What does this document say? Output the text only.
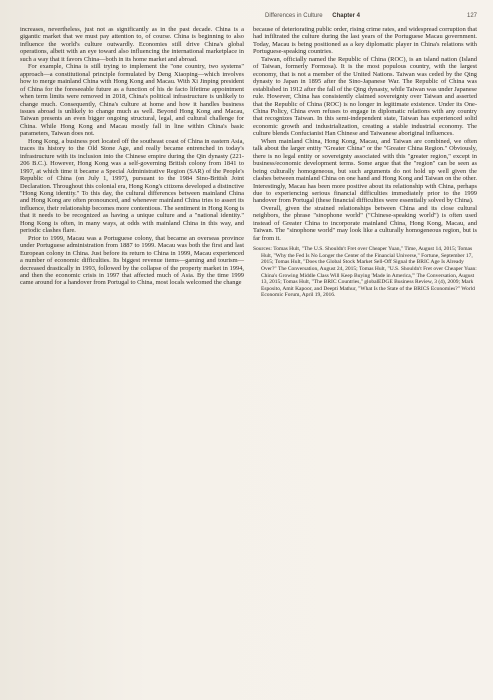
Differences in Culture Chapter 4	127

increases, nevertheless, just not as significantly as in the past decade. China is a gigantic market that we must pay attention to, of course. China is beginning to also influence the world's culture outwardly. Economies still drive China's global operations, albeit with an eye toward also influencing the international marketplace in such a way that it favors China—both in its home market and abroad.

For example, China is still trying to implement the "one country, two systems" approach—a constitutional principle formulated by Deng Xiaoping—which involves how to merge mainland China with Hong Kong and Macau. With Xi Jinping president of China for the foreseeable future as a function of his de facto lifetime appointment when term limits were removed in 2018, China's political infrastructure is unlikely to change much. Consequently, China's culture at home and how it handles business issues abroad is unlikely to change much as well. Beyond Hong Kong and Macau, Taiwan presents an even bigger ongoing structural, legal, and cultural challenge for China. While Hong Kong and Macau mostly fall in line within China's basic parameters, Taiwan does not.

Hong Kong, a business port located off the southeast coast of China in eastern Asia, traces its history to the Old Stone Age, and really became entrenched in today's infrastructure with its inclusion into the Chinese empire during the Qin dynasty (221-206 B.C.). However, Hong Kong was a self-governing British colony from 1841 to 1997, at which time it became a Special Administrative Region (SAR) of the People's Republic of China (on July 1, 1997), pursuant to the 1984 Sino-British Joint Declaration. Throughout this colonial era, Hong Kong's citizens developed a distinctive "Hong Kong identity." To this day, the cultural differences between mainland China and Hong Kong are often pronounced, and whenever mainland China tries to assert its influence, their relationship becomes more contentious. The sentiment in Hong Kong is that it needs to be recognized as having a unique culture and a "national identity." Hong Kong is often, in many ways, at odds with mainland China in this way, and periodic clashes flare.

Prior to 1999, Macau was a Portuguese colony, that became an overseas province under Portuguese administration from 1887 to 1999. Macau was both the first and last European colony in China. Just before its return to China in 1999, Macau experienced a number of economic difficulties. Its biggest revenue items—gaming and tourism—decreased drastically in 1993, followed by the collapse of the property market in 1994, and then the economic crisis in 1997 that affected much of Asia. By the time 1999 came around for a handover from Portugal to China, most locals welcomed the change

because of deteriorating public order, rising crime rates, and widespread corruption that had infiltrated the culture during the last years of the Portuguese Macau government. Today, Macau is being positioned as a key diplomatic player in China's relations with Portuguese-speaking countries.

Taiwan, officially named the Republic of China (ROC), is an island nation (Island of Taiwan, formerly Formosa). It is the most populous country, with the largest economy, that is not a member of the United Nations. Taiwan was ceded by the Qing dynasty to Japan in 1895 after the Sino-Japanese War. The Republic of China was established in 1912 after the fall of the Qing dynasty, while Taiwan was under Japanese rule. However, China has consistently claimed sovereignty over Taiwan and asserted that the Republic of China (ROC) is no longer in legitimate existence. Under its One-China Policy, China even refuses to engage in diplomatic relations with any country that recognizes Taiwan. In this semi-independent state, Taiwan has experienced solid economic growth and industrialization, creating a stable industrial economy. The culture blends Confucianist Han Chinese and Taiwanese aboriginal influences.

When mainland China, Hong Kong, Macau, and Taiwan are combined, we often talk about the larger entity "Greater China" or the "Greater China Region." Obviously, there is no legal entity or sovereignty associated with this "greater region," except in business/economic development terms. Some argue that the "region" can be seen as being culturally homogeneous, but such arguments do not hold up well given the clashes between mainland China on one hand and Hong Kong and Taiwan on the other. Interestingly, Macau has been more positive about its relationship with China, perhaps due to experiencing serious financial difficulties immediately prior to the 1999 handover from Portugal (these financial difficulties were essentially solved by China).

Overall, given the strained relationships between China and its close cultural neighbors, the phrase "sinophone world" ("Chinese-speaking world") is often used instead of Greater China to incorporate mainland China, Hong Kong, Macau, and Taiwan. The "sinophone world" may look like a culturally homogeneous region, but is far from it.

Sources: Tomas Hult, "The U.S. Shouldn't Fret over Cheaper Yuan," Time, August 14, 2015; Tomas Hult, "Why the Fed Is No Longer the Center of the Financial Universe," Fortune, September 17, 2015; Tomas Hult, "Does the Global Stock Market Sell-Off Signal the BRIC Age Is Already Over?" The Conversation, August 24, 2015; Tomas Hult, "U.S. Shouldn't Fret over Cheaper Yuan: China's Growing Middle Class Will Keep Buying 'Made in America,'" The Conversation, August 13, 2015; Tomas Hult, "The BRIC Countries," globalEDGE Business Review, 3 (4), 2009; Mark Esposito, Amit Kapoor, and Deepti Mathur, "What Is the State of the BRICS Economies?" World Economic Forum, April 19, 2016.
